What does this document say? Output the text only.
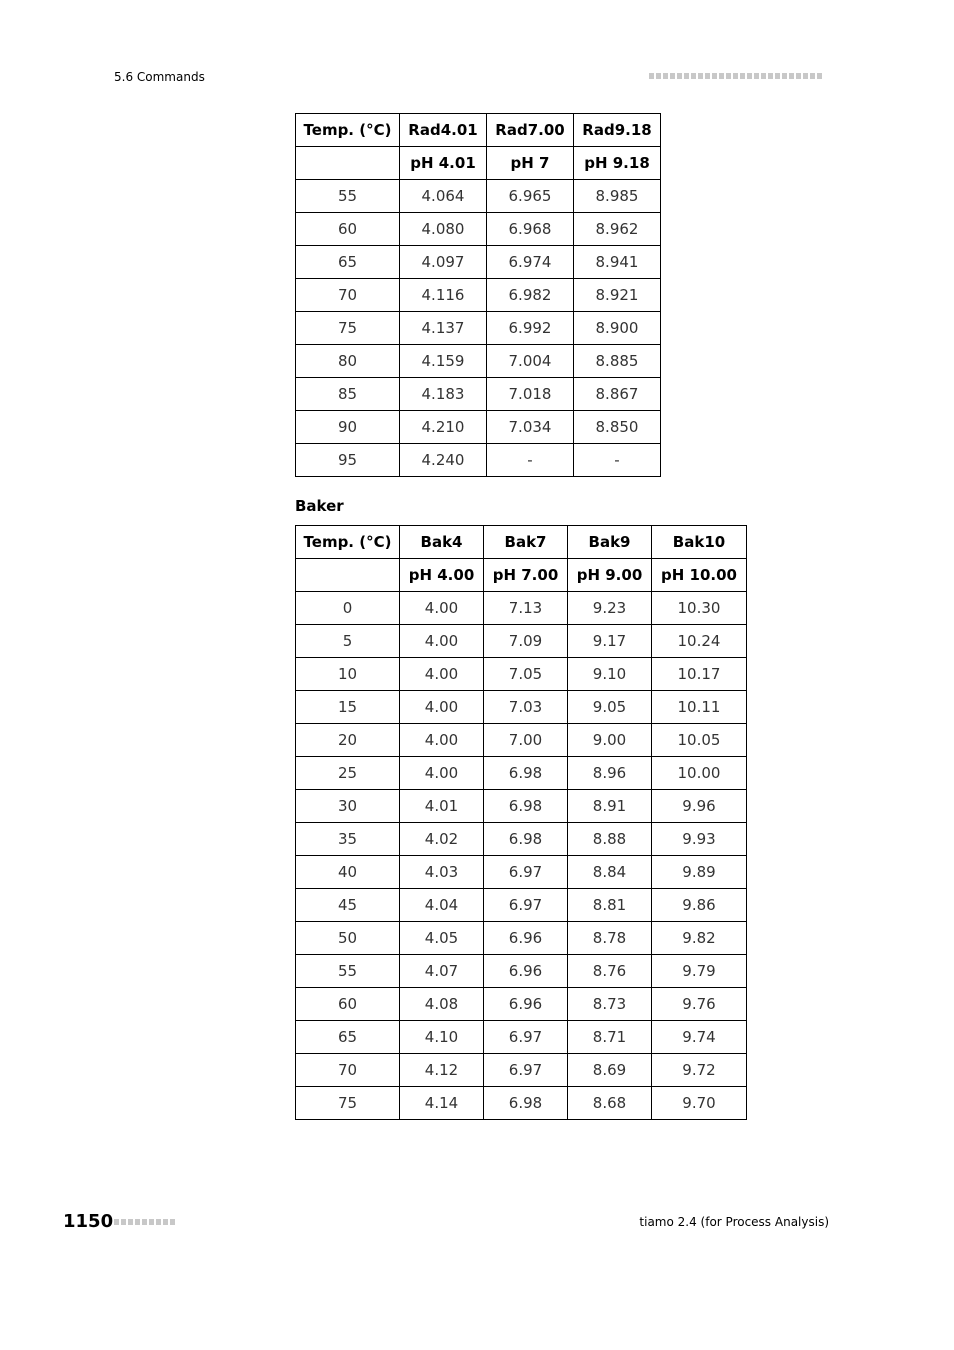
5.6 Commands
Temp. (°C)	Rad4.01	Rad7.00	Rad9.18
	pH 4.01	pH 7	pH 9.18
55	4.064	6.965	8.985
60	4.080	6.968	8.962
65	4.097	6.974	8.941
70	4.116	6.982	8.921
75	4.137	6.992	8.900
80	4.159	7.004	8.885
85	4.183	7.018	8.867
90	4.210	7.034	8.850
95	4.240	-	-
Baker
Temp. (°C)	Bak4	Bak7	Bak9	Bak10
	pH 4.00	pH 7.00	pH 9.00	pH 10.00
0	4.00	7.13	9.23	10.30
5	4.00	7.09	9.17	10.24
10	4.00	7.05	9.10	10.17
15	4.00	7.03	9.05	10.11
20	4.00	7.00	9.00	10.05
25	4.00	6.98	8.96	10.00
30	4.01	6.98	8.91	9.96
35	4.02	6.98	8.88	9.93
40	4.03	6.97	8.84	9.89
45	4.04	6.97	8.81	9.86
50	4.05	6.96	8.78	9.82
55	4.07	6.96	8.76	9.79
60	4.08	6.96	8.73	9.76
65	4.10	6.97	8.71	9.74
70	4.12	6.97	8.69	9.72
75	4.14	6.98	8.68	9.70
1150	tiamo 2.4 (for Process Analysis)
